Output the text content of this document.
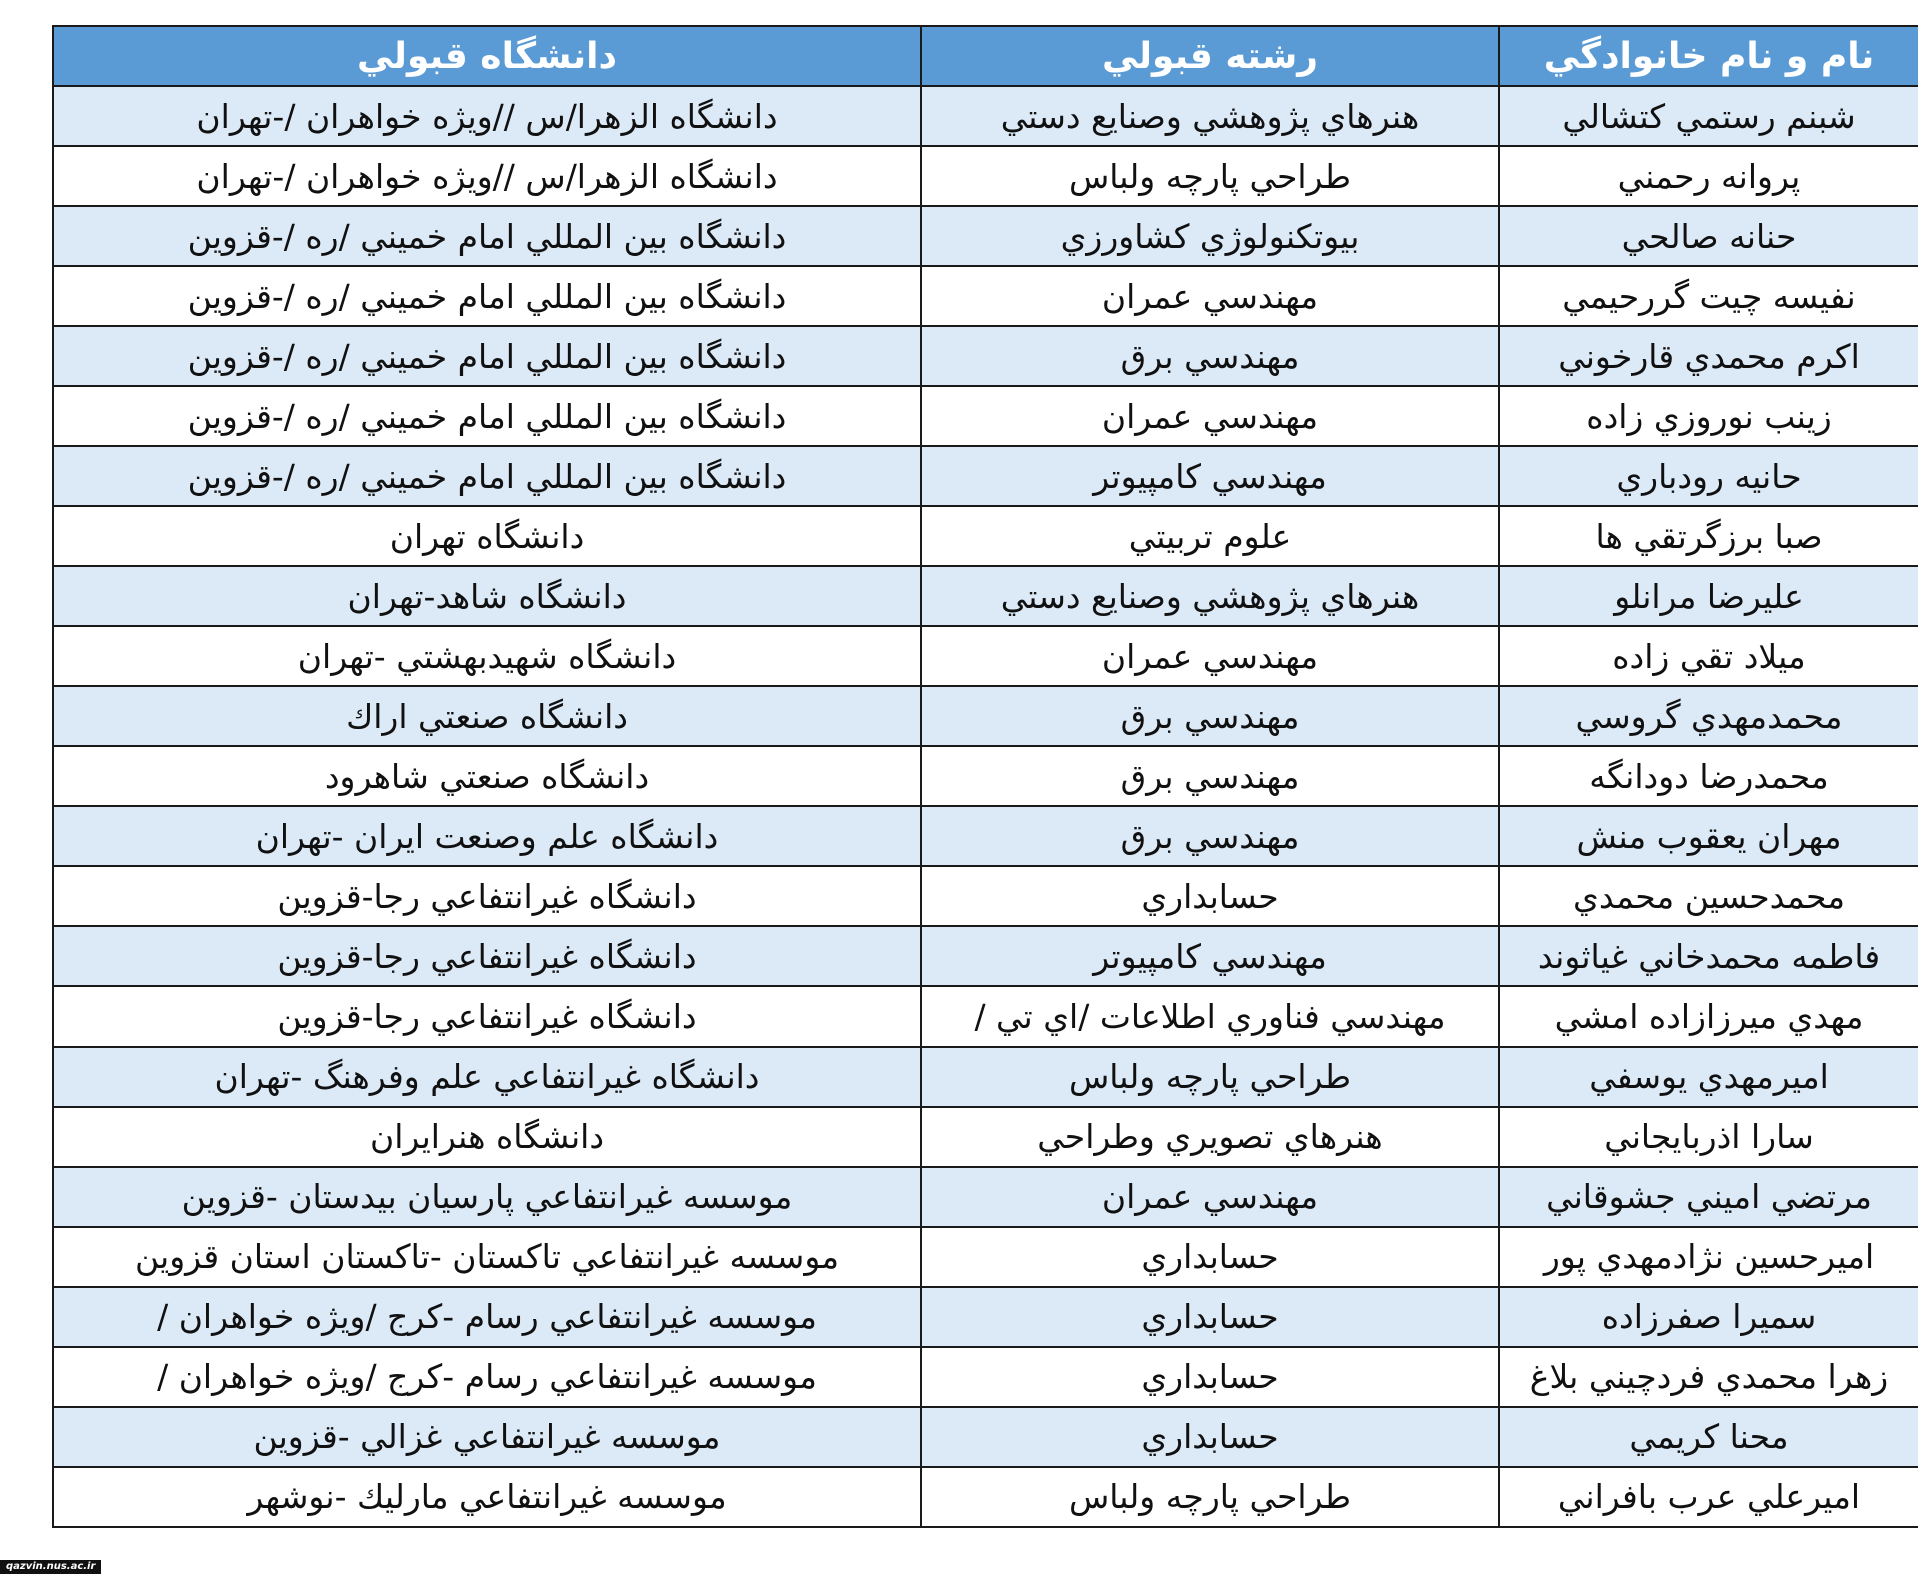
نام و نام خانوادگي	رشته قبولي	دانشگاه قبولي
شبنم رستمي كتشالي	هنرهاي پژوهشي وصنايع دستي	دانشگاه الزهرا/س //ويژه خواهران /-تهران
پروانه رحمني	طراحي پارچه ولباس	دانشگاه الزهرا/س //ويژه خواهران /-تهران
حنانه صالحي	بيوتكنولوژي كشاورزي	دانشگاه بين المللي امام خميني /ره /-قزوين
نفيسه چيت گررحيمي	مهندسي عمران	دانشگاه بين المللي امام خميني /ره /-قزوين
اكرم محمدي قارخوني	مهندسي برق	دانشگاه بين المللي امام خميني /ره /-قزوين
زينب نوروزي زاده	مهندسي عمران	دانشگاه بين المللي امام خميني /ره /-قزوين
حانيه رودباري	مهندسي كامپيوتر	دانشگاه بين المللي امام خميني /ره /-قزوين
صبا برزگرتقي ها	علوم تربيتي	دانشگاه تهران
عليرضا مرانلو	هنرهاي پژوهشي وصنايع دستي	دانشگاه شاهد-تهران
ميلاد تقي زاده	مهندسي عمران	دانشگاه شهيدبهشتي -تهران
محمدمهدي گروسي	مهندسي برق	دانشگاه صنعتي اراك
محمدرضا دودانگه	مهندسي برق	دانشگاه صنعتي شاهرود
مهران يعقوب منش	مهندسي برق	دانشگاه علم وصنعت ايران -تهران
محمدحسين محمدي	حسابداري	دانشگاه غيرانتفاعي رجا-قزوين
فاطمه محمدخاني غياثوند	مهندسي كامپيوتر	دانشگاه غيرانتفاعي رجا-قزوين
مهدي ميرزازاده امشي	مهندسي فناوري اطلاعات /اي تي /	دانشگاه غيرانتفاعي رجا-قزوين
اميرمهدي يوسفي	طراحي پارچه ولباس	دانشگاه غيرانتفاعي علم وفرهنگ -تهران
سارا اذربايجاني	هنرهاي تصويري وطراحي	دانشگاه هنرايران
مرتضي اميني جشوقاني	مهندسي عمران	موسسه غيرانتفاعي پارسيان بيدستان -قزوين
اميرحسين نژادمهدي پور	حسابداري	موسسه غيرانتفاعي تاكستان -تاكستان استان قزوين
سميرا صفرزاده	حسابداري	موسسه غيرانتفاعي رسام -كرج /ويژه خواهران /
زهرا محمدي فردچيني بلاغ	حسابداري	موسسه غيرانتفاعي رسام -كرج /ويژه خواهران /
محنا كريمي	حسابداري	موسسه غيرانتفاعي غزالي -قزوين
اميرعلي عرب بافراني	طراحي پارچه ولباس	موسسه غيرانتفاعي مارليك -نوشهر
qazvin.nus.ac.ir
